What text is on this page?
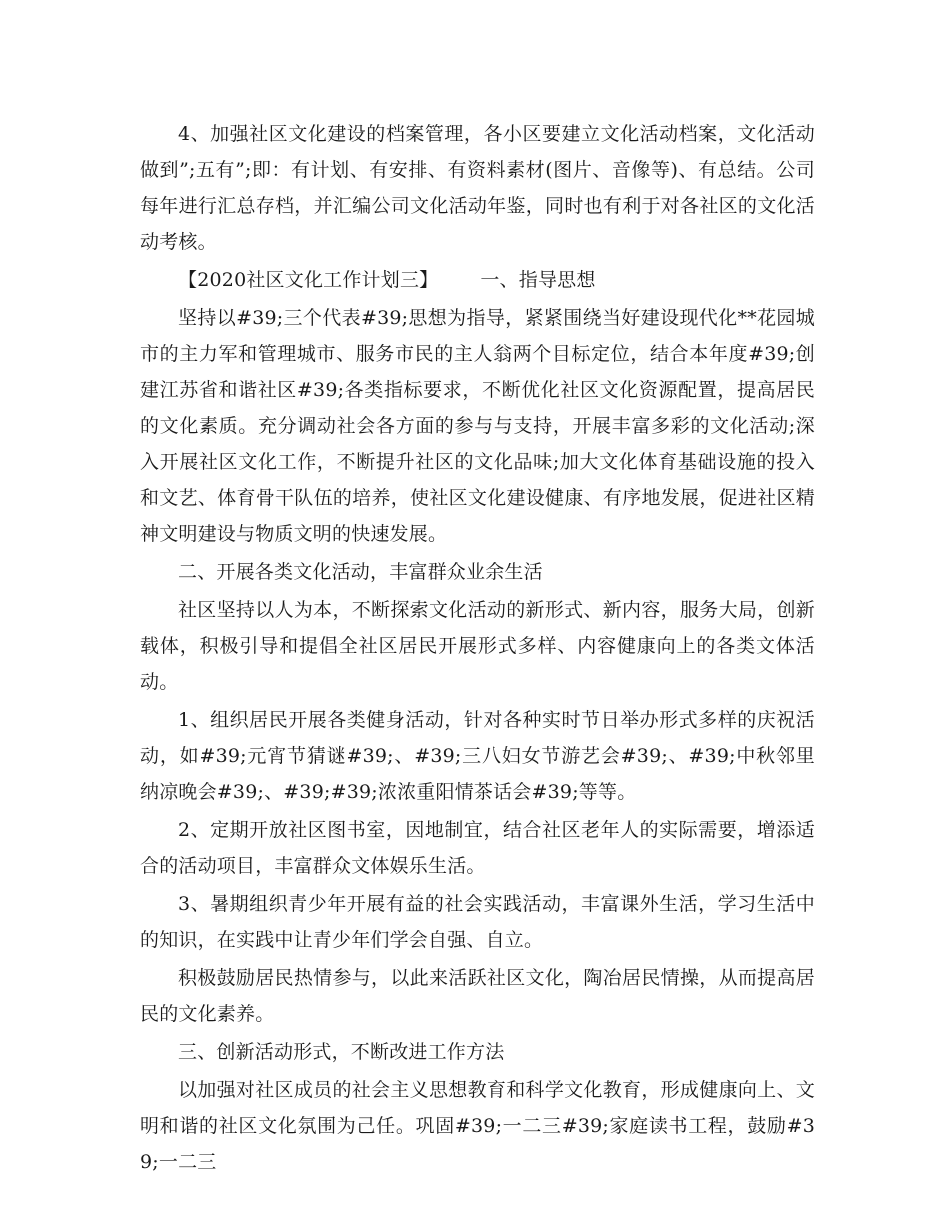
4、加强社区文化建设的档案管理，各小区要建立文化活动档案，文化活动做到”;五有”;即：有计划、有安排、有资料素材(图片、音像等)、有总结。公司每年进行汇总存档，并汇编公司文化活动年鉴，同时也有利于对各社区的文化活动考核。

【2020社区文化工作计划三】 一、指导思想

坚持以#39;三个代表#39;思想为指导，紧紧围绕当好建设现代化**花园城市的主力军和管理城市、服务市民的主人翁两个目标定位，结合本年度#39;创建江苏省和谐社区#39;各类指标要求，不断优化社区文化资源配置，提高居民的文化素质。充分调动社会各方面的参与与支持，开展丰富多彩的文化活动;深入开展社区文化工作，不断提升社区的文化品味;加大文化体育基础设施的投入和文艺、体育骨干队伍的培养，使社区文化建设健康、有序地发展，促进社区精神文明建设与物质文明的快速发展。

二、开展各类文化活动，丰富群众业余生活

社区坚持以人为本，不断探索文化活动的新形式、新内容，服务大局，创新载体，积极引导和提倡全社区居民开展形式多样、内容健康向上的各类文体活动。

1、组织居民开展各类健身活动，针对各种实时节日举办形式多样的庆祝活动，如#39;元宵节猜谜#39;、#39;三八妇女节游艺会#39;、#39;中秋邻里纳凉晚会#39;、#39;#39;浓浓重阳情茶话会#39;等等。

2、定期开放社区图书室，因地制宜，结合社区老年人的实际需要，增添适合的活动项目，丰富群众文体娱乐生活。

3、暑期组织青少年开展有益的社会实践活动，丰富课外生活，学习生活中的知识，在实践中让青少年们学会自强、自立。

积极鼓励居民热情参与，以此来活跃社区文化，陶冶居民情操，从而提高居民的文化素养。

三、创新活动形式，不断改进工作方法

以加强对社区成员的社会主义思想教育和科学文化教育，形成健康向上、文明和谐的社区文化氛围为己任。巩固#39;一二三#39;家庭读书工程，鼓励#39;一二三
